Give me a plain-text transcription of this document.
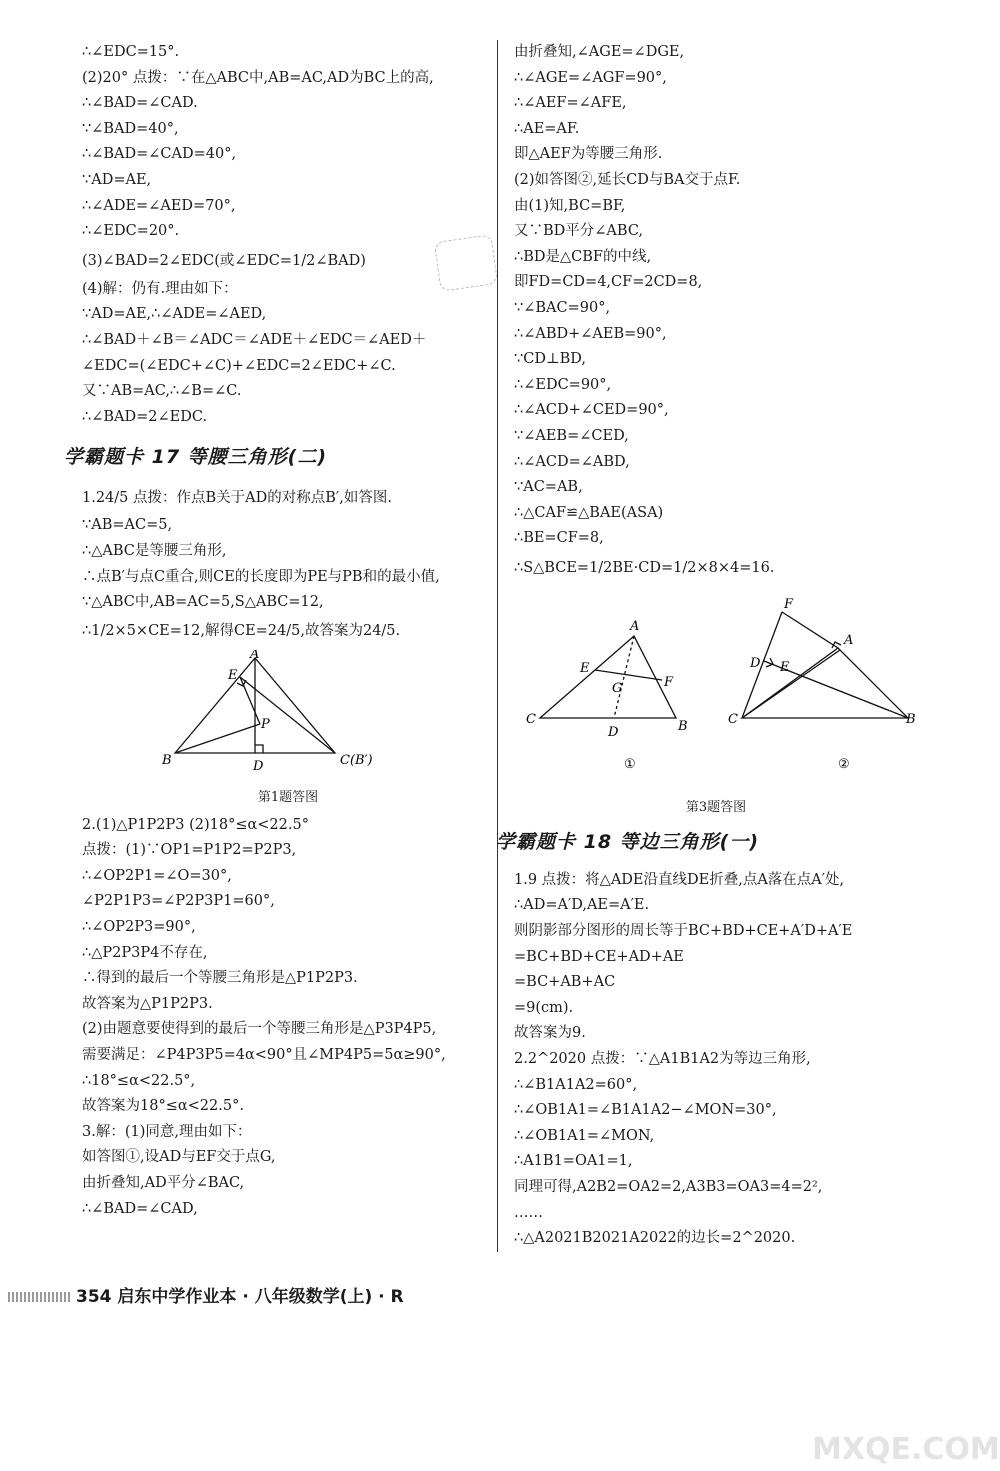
∴∠EDC=15°.
(2)20° 点拨：∵在△ABC中,AB=AC,AD为BC上的高,
∴∠BAD=∠CAD.
∵∠BAD=40°,
∴∠BAD=∠CAD=40°,
∵AD=AE,
∴∠ADE=∠AED=70°,
∴∠EDC=20°.
(3)∠BAD=2∠EDC(或∠EDC=1/2∠BAD)
(4)解：仍有.理由如下：
∵AD=AE,∴∠ADE=∠AED,
∴∠BAD＋∠B＝∠ADC＝∠ADE＋∠EDC＝∠AED＋
∠EDC=(∠EDC+∠C)+∠EDC=2∠EDC+∠C.
又∵AB=AC,∴∠B=∠C.
∴∠BAD=2∠EDC.
学霸题卡 17 等腰三角形(二)
1.24/5 点拨：作点B关于AD的对称点B′,如答图.
∵AB=AC=5,
∴△ABC是等腰三角形,
∴点B′与点C重合,则CE的长度即为PE与PB和的最小值,
∵△ABC中,AB=AC=5,S△ABC=12,
∴1/2×5×CE=12,解得CE=24/5,故答案为24/5.
A
E
P
B	D	C(B′)
第1题答图
2.(1)△P1P2P3 (2)18°≤α<22.5°
点拨：(1)∵OP1=P1P2=P2P3,
∴∠OP2P1=∠O=30°,
∠P2P1P3=∠P2P3P1=60°,
∴∠OP2P3=90°,
∴△P2P3P4不存在,
∴得到的最后一个等腰三角形是△P1P2P3.
故答案为△P1P2P3.
(2)由题意要使得到的最后一个等腰三角形是△P3P4P5,
需要满足：∠P4P3P5=4α<90°且∠MP4P5=5α≥90°,
∴18°≤α<22.5°,
故答案为18°≤α<22.5°.
3.解：(1)同意,理由如下：
如答图①,设AD与EF交于点G,
由折叠知,AD平分∠BAC,
∴∠BAD=∠CAD,
由折叠知,∠AGE=∠DGE,
∴∠AGE=∠AGF=90°,
∴∠AEF=∠AFE,
∴AE=AF.
即△AEF为等腰三角形.
(2)如答图②,延长CD与BA交于点F.
由(1)知,BC=BF,
又∵BD平分∠ABC,
∴BD是△CBF的中线,
即FD=CD=4,CF=2CD=8,
∵∠BAC=90°,
∴∠ABD+∠AEB=90°,
∵CD⊥BD,
∴∠EDC=90°,
∴∠ACD+∠CED=90°,
∵∠AEB=∠CED,
∴∠ACD=∠ABD,
∵AC=AB,
∴△CAF≌△BAE(ASA)
∴BE=CF=8,
∴S△BCE=1/2BE·CD=1/2×8×4=16.
A
E
F
G
C
D	B
F
A
D E
C	B
①	②
第3题答图
学霸题卡 18 等边三角形(一)
1.9 点拨：将△ADE沿直线DE折叠,点A落在点A′处,
∴AD=A′D,AE=A′E.
则阴影部分图形的周长等于BC+BD+CE+A′D+A′E
=BC+BD+CE+AD+AE
=BC+AB+AC
=9(cm).
故答案为9.
2.2^2020 点拨：∵△A1B1A2为等边三角形,
∴∠B1A1A2=60°,
∴∠OB1A1=∠B1A1A2−∠MON=30°,
∴∠OB1A1=∠MON,
∴A1B1=OA1=1,
同理可得,A2B2=OA2=2,A3B3=OA3=4=2²,
……
∴△A2021B2021A2022的边长=2^2020.
354 启东中学作业本 · 八年级数学(上) · R
MXQE.COM
